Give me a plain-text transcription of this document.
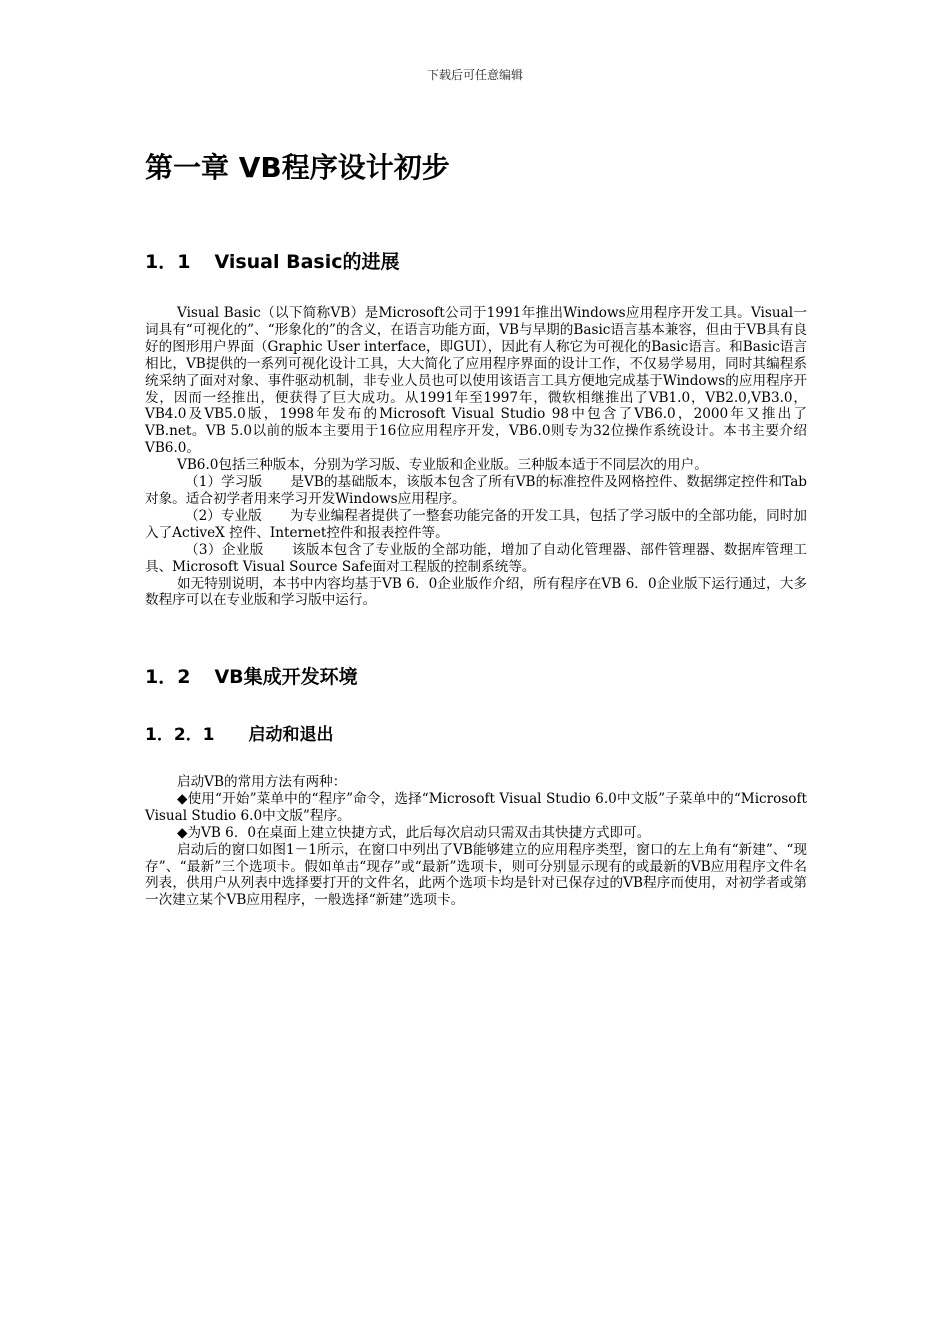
下载后可任意编辑
第一章 VB程序设计初步
1．1 Visual Basic的进展

Visual Basic（以下简称VB）是Microsoft公司于1991年推出Windows应用程序开发工具。Visual一词具有“可视化的”、“形象化的”的含义，在语言功能方面，VB与早期的Basic语言基本兼容，但由于VB具有良好的图形用户界面（Graphic User interface，即GUI），因此有人称它为可视化的Basic语言。和Basic语言相比，VB提供的一系列可视化设计工具，大大简化了应用程序界面的设计工作，不仅易学易用，同时其编程系统采纳了面对对象、事件驱动机制，非专业人员也可以使用该语言工具方便地完成基于Windows的应用程序开发，因而一经推出，便获得了巨大成功。从1991年至1997年，微软相继推出了VB1.0，VB2.0,VB3.0，VB4.0及VB5.0版，1998年发布的Microsoft Visual Studio 98中包含了VB6.0，2000年又推出了VB.net。VB 5.0以前的版本主要用于16位应用程序开发，VB6.0则专为32位操作系统设计。本书主要介绍VB6.0。

VB6.0包括三种版本，分别为学习版、专业版和企业版。三种版本适于不同层次的用户。

（1）学习版 是VB的基础版本，该版本包含了所有VB的标准控件及网格控件、数据绑定控件和Tab对象。适合初学者用来学习开发Windows应用程序。

（2）专业版 为专业编程者提供了一整套功能完备的开发工具，包括了学习版中的全部功能，同时加入了ActiveX 控件、Internet控件和报表控件等。

（3）企业版 该版本包含了专业版的全部功能，增加了自动化管理器、部件管理器、数据库管理工具、Microsoft Visual Source Safe面对工程版的控制系统等。

如无特别说明，本书中内容均基于VB 6．0企业版作介绍，所有程序在VB 6．0企业版下运行通过，大多数程序可以在专业版和学习版中运行。

1．2 VB集成开发环境
1．2．1 启动和退出

启动VB的常用方法有两种：

◆使用“开始”菜单中的“程序”命令，选择“Microsoft Visual Studio 6.0中文版”子菜单中的“Microsoft Visual Studio 6.0中文版”程序。

◆为VB 6．0在桌面上建立快捷方式，此后每次启动只需双击其快捷方式即可。

启动后的窗口如图1－1所示，在窗口中列出了VB能够建立的应用程序类型，窗口的左上角有“新建”、“现存”、“最新”三个选项卡。假如单击“现存”或“最新”选项卡，则可分别显示现有的或最新的VB应用程序文件名列表，供用户从列表中选择要打开的文件名，此两个选项卡均是针对已保存过的VB程序而使用，对初学者或第一次建立某个VB应用程序，一般选择“新建”选项卡。
